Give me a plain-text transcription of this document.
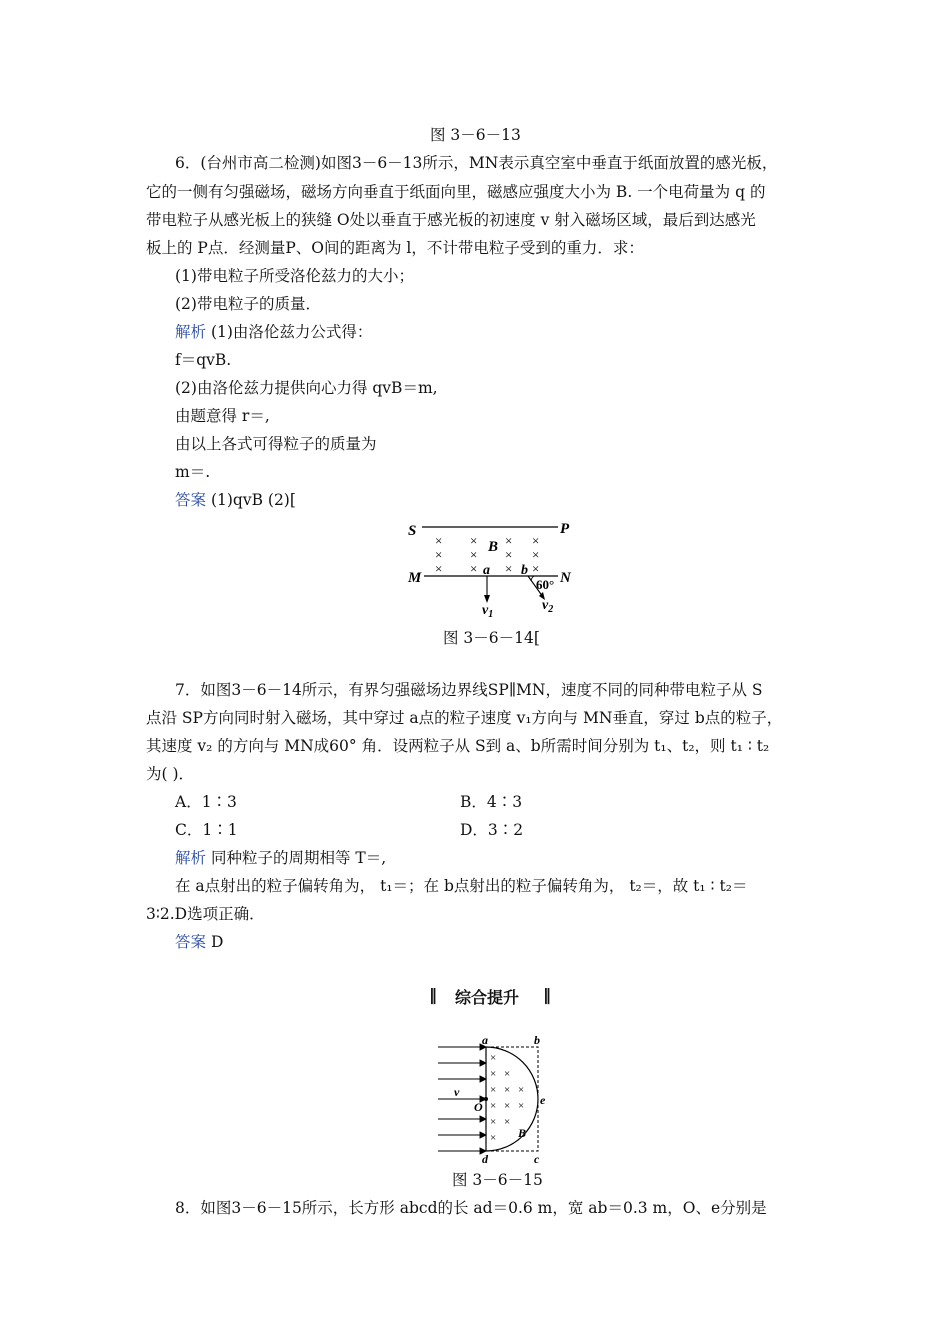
图 3－6－13
6．(台州市高二检测)如图3－6－13所示，MN表示真空室中垂直于纸面放置的感光板，
它的一侧有匀强磁场，磁场方向垂直于纸面向里，磁感应强度大小为 B. 一个电荷量为 q 的
带电粒子从感光板上的狭缝 O处以垂直于感光板的初速度 v 射入磁场区域，最后到达感光
板上的 P点．经测量P、O间的距离为 l，不计带电粒子受到的重力．求：
(1)带电粒子所受洛伦兹力的大小；
(2)带电粒子的质量．
解析 (1)由洛伦兹力公式得：
f＝qvB.
(2)由洛伦兹力提供向心力得 qvB＝m,
由题意得 r＝,
由以上各式可得粒子的质量为
m＝.
答案 (1)qvB (2)[
S	P
×
×
×
×
×
×
×
×
×
×
×
×
B
M	N
a b
60°
$v_1$
$v_2$
图 3－6－14[
7．如图3－6－14所示，有界匀强磁场边界线SP∥MN，速度不同的同种带电粒子从 S
点沿 SP方向同时射入磁场，其中穿过 a点的粒子速度 v₁方向与 MN垂直，穿过 b点的粒子，
其速度 v₂ 的方向与 MN成60° 角．设两粒子从 S到 a、b所需时间分别为 t₁、t₂，则 t₁ ∶ t₂
为( )．
A．1∶3	B．4∶3
C．1∶1	D．3∶2
解析 同种粒子的周期相等 T＝,
在 a点射出的粒子偏转角为， t₁＝；在 b点射出的粒子偏转角为， t₂＝，故 t₁ ∶ t₂＝
3∶2.D选项正确．
答案 D
‖ 综合提升 ‖
×
× ×
× × ×
× × ×
× ×
×
a	b
c
d
e
O
v
B
图 3－6－15
8．如图3－6－15所示，长方形 abcd的长 ad＝0.6 m，宽 ab＝0.3 m，O、e分别是
